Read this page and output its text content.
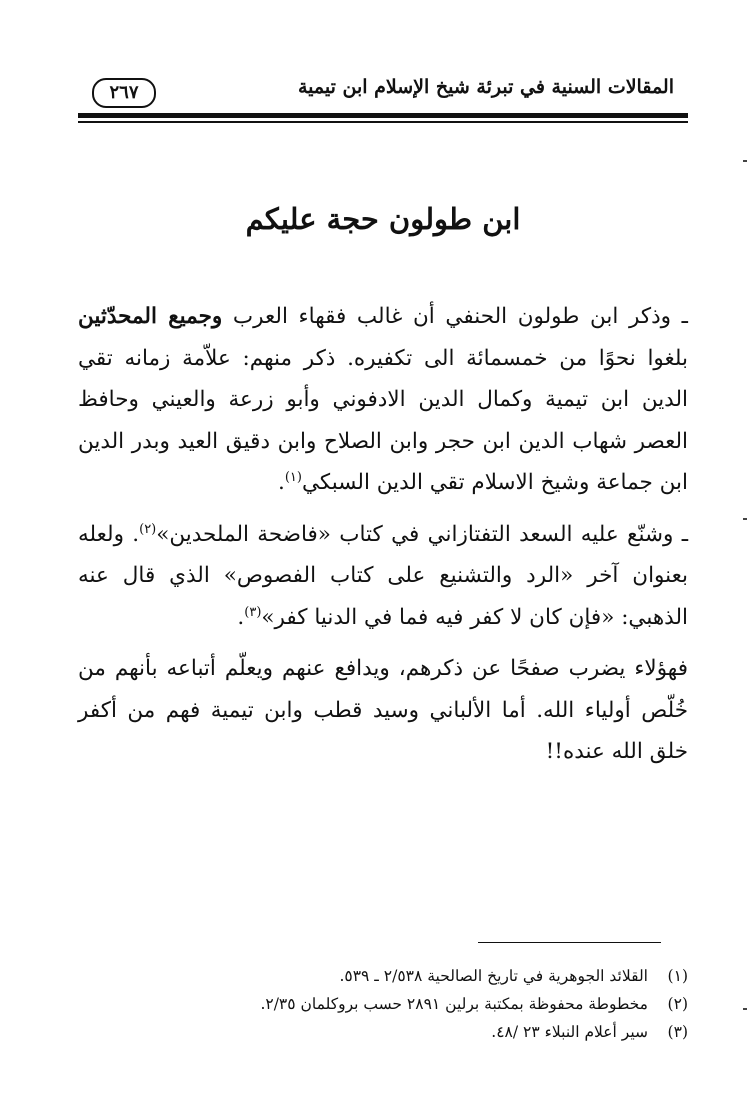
المقالات السنية في تبرئة شيخ الإسلام ابن تيمية
٢٦٧
ابن طولون حجة عليكم

ـ وذكر ابن طولون الحنفي أن غالب فقهاء العرب وجميع المحدّثين بلغوا نحوًا من خمسمائة الى تكفيره. ذكر منهم: علاّمة زمانه تقي الدين ابن تيمية وكمال الدين الادفوني وأبو زرعة والعيني وحافظ العصر شهاب الدين ابن حجر وابن الصلاح وابن دقيق العيد وبدر الدين ابن جماعة وشيخ الاسلام تقي الدين السبكي$^{(١)}$.

ـ وشنّع عليه السعد التفتازاني في كتاب «فاضحة الملحدين»$^{(٢)}$. ولعله بعنوان آخر «الرد والتشنيع على كتاب الفصوص» الذي قال عنه الذهبي: «فإن كان لا كفر فيه فما في الدنيا كفر»$^{(٣)}$.

فهؤلاء يضرب صفحًا عن ذكرهم، ويدافع عنهم ويعلّم أتباعه بأنهم من خُلّص أولياء الله. أما الألباني وسيد قطب وابن تيمية فهم من أكفر خلق الله عنده!!

(١)القلائد الجوهرية في تاريخ الصالحية ٢/٥٣٨ ـ ٥٣٩.
(٢)مخطوطة محفوظة بمكتبة برلين ٢٨٩١ حسب بروكلمان ٢/٣٥.
(٣)سير أعلام النبلاء ٢٣ /٤٨.
